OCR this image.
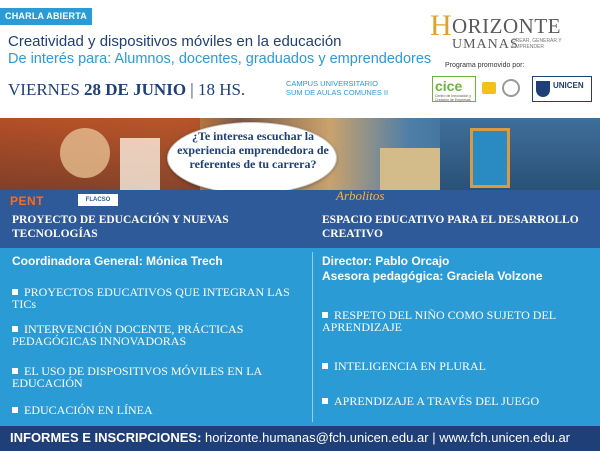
CHARLA ABIERTA
Creatividad y dispositivos móviles en la educación
De interés para: Alumnos, docentes, graduados y emprendedores
VIERNES 28 DE JUNIO | 18 HS.	CAMPUS UNIVERSITARIO
SUM DE AULAS COMUNES II
H ORIZONTE
UMANAS
CREAR, GENERAR Y EMPRENDER
Programa promovido por:
cice
Centro de Innovación y Creación de Empresas
UNICEN
¿Te interesa escuchar la experiencia emprendedora de referentes de tu carrera?
PENT	FLACSO	Arbolitos
PROYECTO DE EDUCACIÓN Y NUEVAS TECNOLOGÍAS
ESPACIO EDUCATIVO PARA EL DESARROLLO CREATIVO
Coordinadora General: Mónica Trech
PROYECTOS EDUCATIVOS QUE INTEGRAN LAS TICs
INTERVENCIÓN DOCENTE, PRÁCTICAS PEDAGÓGICAS INNOVADORAS
EL USO DE DISPOSITIVOS MÓVILES EN LA EDUCACIÓN
EDUCACIÓN EN LÍNEA
Director: Pablo Orcajo
Asesora pedagógica: Graciela Volzone
RESPETO DEL NIÑO COMO SUJETO DEL APRENDIZAJE
INTELIGENCIA EN PLURAL
APRENDIZAJE A TRAVÉS DEL JUEGO
INFORMES E INSCRIPCIONES: horizonte.humanas@fch.unicen.edu.ar | www.fch.unicen.edu.ar
